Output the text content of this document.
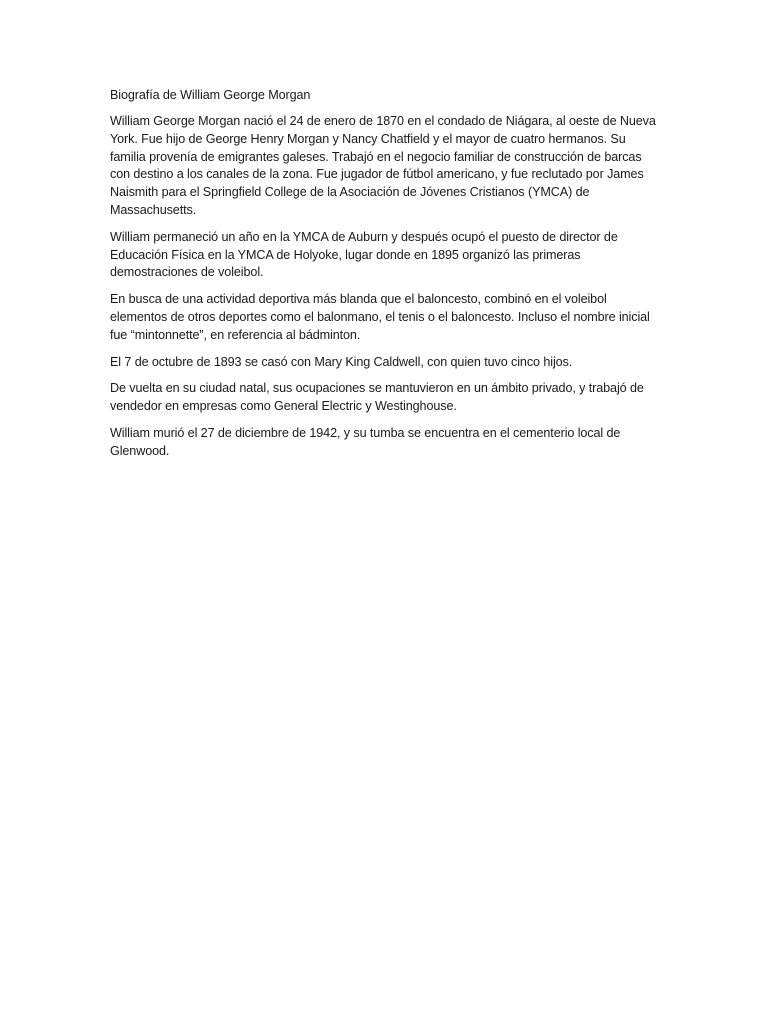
Biografía de William George Morgan

William George Morgan nació el 24 de enero de 1870 en el condado de Niágara, al oeste de Nueva York. Fue hijo de George Henry Morgan y Nancy Chatfield y el mayor de cuatro hermanos. Su familia provenía de emigrantes galeses. Trabajó en el negocio familiar de construcción de barcas con destino a los canales de la zona. Fue jugador de fútbol americano, y fue reclutado por James Naismith para el Springfield College de la Asociación de Jóvenes Cristianos (YMCA) de Massachusetts.

William permaneció un año en la YMCA de Auburn y después ocupó el puesto de director de Educación Física en la YMCA de Holyoke, lugar donde en 1895 organizó las primeras demostraciones de voleibol.

En busca de una actividad deportiva más blanda que el baloncesto, combinó en el voleibol elementos de otros deportes como el balonmano, el tenis o el baloncesto. Incluso el nombre inicial fue “mintonnette”, en referencia al bádminton.

El 7 de octubre de 1893 se casó con Mary King Caldwell, con quien tuvo cinco hijos.

De vuelta en su ciudad natal, sus ocupaciones se mantuvieron en un ámbito privado, y trabajó de vendedor en empresas como General Electric y Westinghouse.

William murió el 27 de diciembre de 1942, y su tumba se encuentra en el cementerio local de Glenwood.
